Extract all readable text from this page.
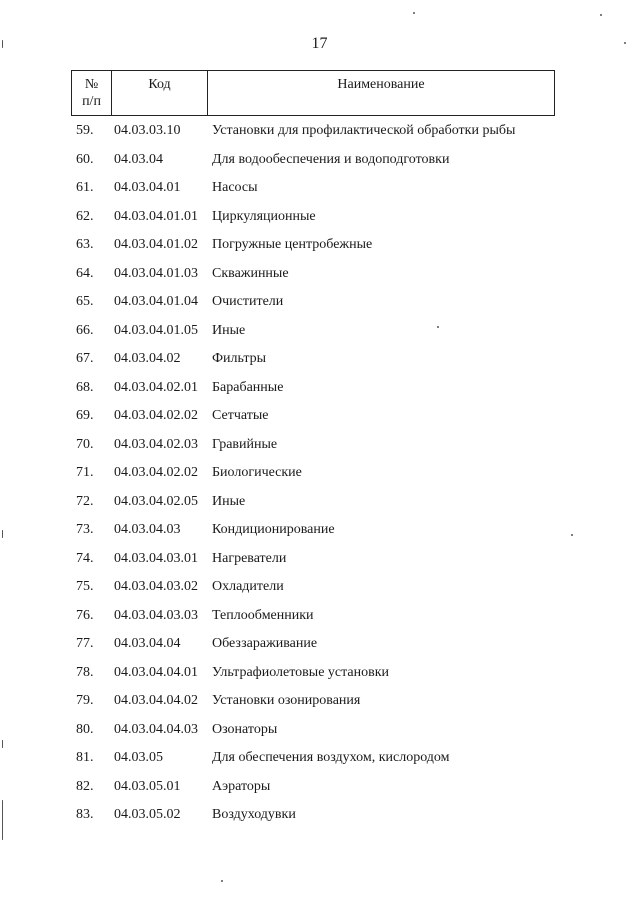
17
№
п/п
Код	Наименование
59. 04.03.03.10 Установки для профилактической обработки рыбы
60. 04.03.04	Для водообеспечения и водоподготовки
61. 04.03.04.01 Насосы
62. 04.03.04.01.01 Циркуляционные
63. 04.03.04.01.02 Погружные центробежные
64. 04.03.04.01.03 Скважинные
65. 04.03.04.01.04 Очистители
66. 04.03.04.01.05 Иные
67. 04.03.04.02 Фильтры
68. 04.03.04.02.01 Барабанные
69. 04.03.04.02.02 Сетчатые
70. 04.03.04.02.03 Гравийные
71. 04.03.04.02.02 Биологические
72. 04.03.04.02.05 Иные
73. 04.03.04.03 Кондиционирование
74. 04.03.04.03.01 Нагреватели
75. 04.03.04.03.02 Охладители
76. 04.03.04.03.03 Теплообменники
77. 04.03.04.04 Обеззараживание
78. 04.03.04.04.01 Ультрафиолетовые установки
79. 04.03.04.04.02 Установки озонирования
80. 04.03.04.04.03 Озонаторы
81. 04.03.05	Для обеспечения воздухом, кислородом
82. 04.03.05.01 Аэраторы
83. 04.03.05.02 Воздуходувки
